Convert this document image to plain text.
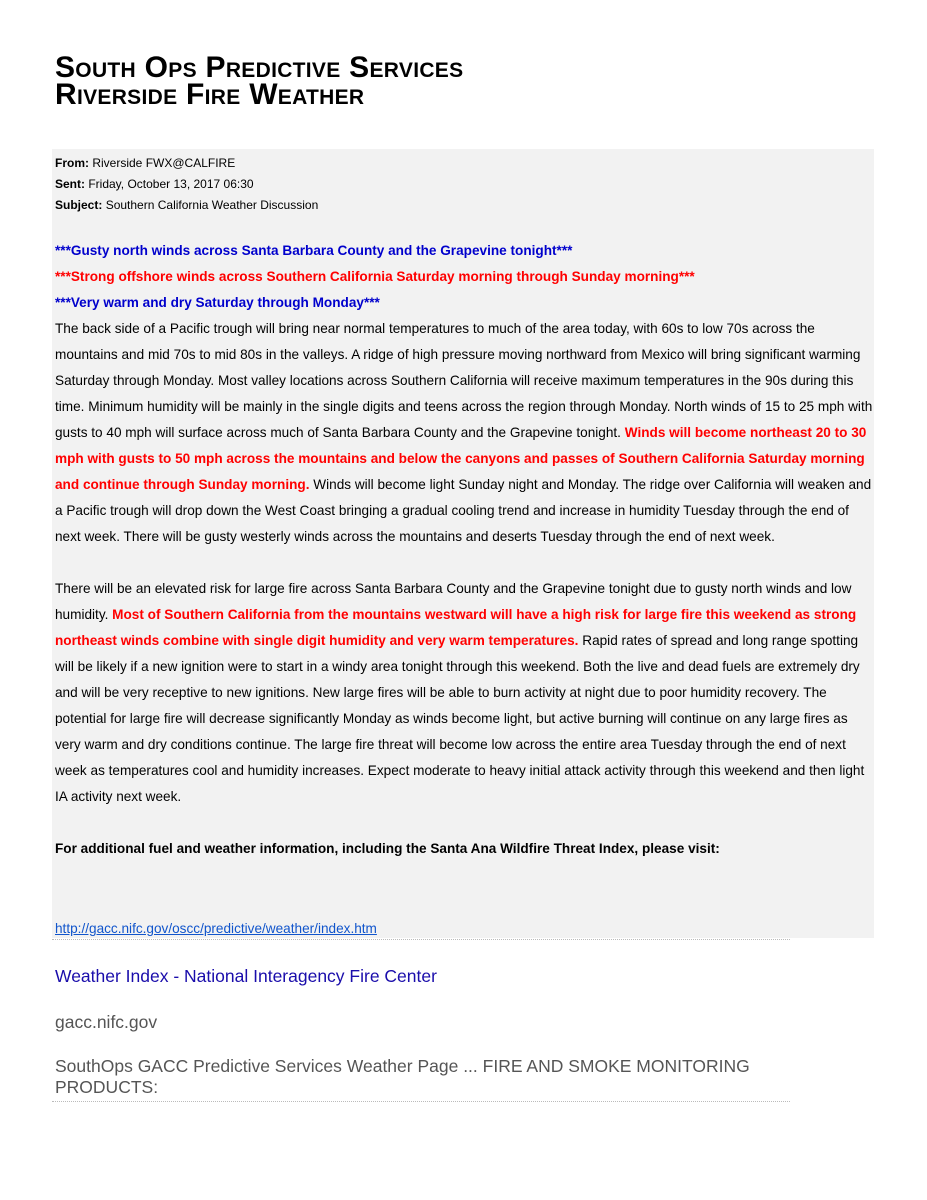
South Ops Predictive Services
Riverside Fire Weather
From: Riverside FWX@CALFIRE
Sent: Friday, October 13, 2017 06:30
Subject: Southern California Weather Discussion

***Gusty north winds across Santa Barbara County and the Grapevine tonight***

***Strong offshore winds across Southern California Saturday morning through Sunday morning***

***Very warm and dry Saturday through Monday***

The back side of a Pacific trough will bring near normal temperatures to much of the area today, with 60s to low 70s across the mountains and mid 70s to mid 80s in the valleys. A ridge of high pressure moving northward from Mexico will bring significant warming Saturday through Monday. Most valley locations across Southern California will receive maximum temperatures in the 90s during this time. Minimum humidity will be mainly in the single digits and teens across the region through Monday. North winds of 15 to 25 mph with gusts to 40 mph will surface across much of Santa Barbara County and the Grapevine tonight. Winds will become northeast 20 to 30 mph with gusts to 50 mph across the mountains and below the canyons and passes of Southern California Saturday morning and continue through Sunday morning. Winds will become light Sunday night and Monday. The ridge over California will weaken and a Pacific trough will drop down the West Coast bringing a gradual cooling trend and increase in humidity Tuesday through the end of next week. There will be gusty westerly winds across the mountains and deserts Tuesday through the end of next week.

There will be an elevated risk for large fire across Santa Barbara County and the Grapevine tonight due to gusty north winds and low humidity. Most of Southern California from the mountains westward will have a high risk for large fire this weekend as strong northeast winds combine with single digit humidity and very warm temperatures. Rapid rates of spread and long range spotting will be likely if a new ignition were to start in a windy area tonight through this weekend. Both the live and dead fuels are extremely dry and will be very receptive to new ignitions. New large fires will be able to burn activity at night due to poor humidity recovery. The potential for large fire will decrease significantly Monday as winds become light, but active burning will continue on any large fires as very warm and dry conditions continue. The large fire threat will become low across the entire area Tuesday through the end of next week as temperatures cool and humidity increases. Expect moderate to heavy initial attack activity through this weekend and then light IA activity next week.

For additional fuel and weather information, including the Santa Ana Wildfire Threat Index, please visit:

http://gacc.nifc.gov/oscc/predictive/weather/index.htm
Weather Index - National Interagency Fire Center
gacc.nifc.gov
SouthOps GACC Predictive Services Weather Page ... FIRE AND SMOKE MONITORING PRODUCTS:
